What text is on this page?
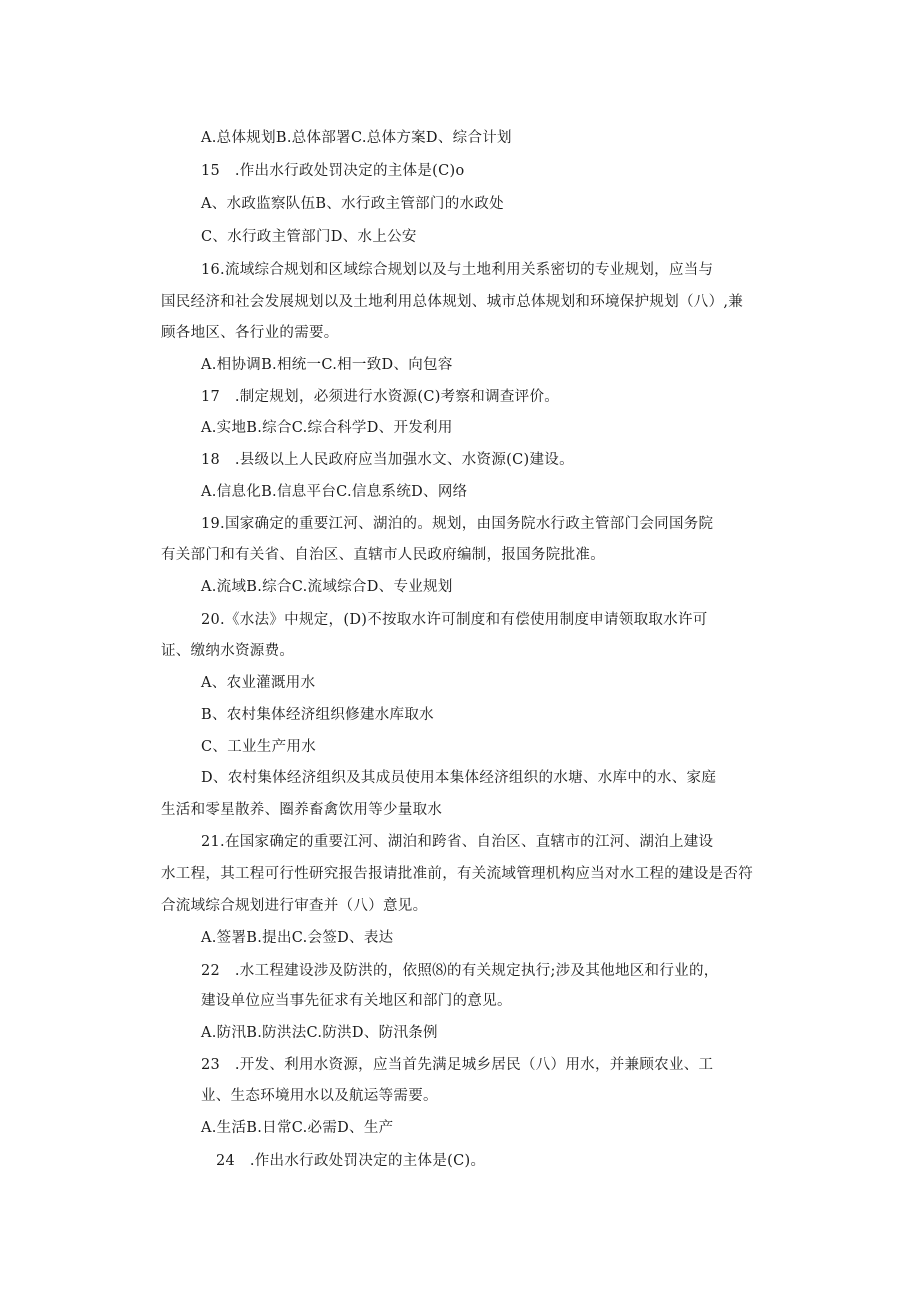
A.总体规划B.总体部署C.总体方案D、综合计划
15　.作出水行政处罚决定的主体是(C)o
A、水政监察队伍B、水行政主管部门的水政处
C、水行政主管部门D、水上公安
16.流域综合规划和区域综合规划以及与土地利用关系密切的专业规划，应当与
国民经济和社会发展规划以及土地利用总体规划、城市总体规划和环境保护规划（八）,兼
顾各地区、各行业的需要。
A.相协调B.相统一C.相一致D、向包容
17　.制定规划，必须进行水资源(C)考察和调查评价。
A.实地B.综合C.综合科学D、开发利用
18　.县级以上人民政府应当加强水文、水资源(C)建设。
A.信息化B.信息平台C.信息系统D、网络
19.国家确定的重要江河、湖泊的。规划，由国务院水行政主管部门会同国务院
有关部门和有关省、自治区、直辖市人民政府编制，报国务院批准。
A.流域B.综合C.流域综合D、专业规划
20.《水法》中规定，(D)不按取水许可制度和有偿使用制度申请领取取水许可
证、缴纳水资源费。
A、农业灌溉用水
B、农村集体经济组织修建水库取水
C、工业生产用水
D、农村集体经济组织及其成员使用本集体经济组织的水塘、水库中的水、家庭
生活和零星散养、圈养畜禽饮用等少量取水
21.在国家确定的重要江河、湖泊和跨省、自治区、直辖市的江河、湖泊上建设
水工程，其工程可行性研究报告报请批准前，有关流域管理机构应当对水工程的建设是否符
合流域综合规划进行审查并（八）意见。
A.签署B.提出C.会签D、表达
22　.水工程建设涉及防洪的，依照⑻的有关规定执行;涉及其他地区和行业的，
建设单位应当事先征求有关地区和部门的意见。
A.防汛B.防洪法C.防洪D、防汛条例
23　.开发、利用水资源，应当首先满足城乡居民（八）用水，并兼顾农业、工
业、生态环境用水以及航运等需要。
A.生活B.日常C.必需D、生产
24　.作出水行政处罚决定的主体是(C)。
